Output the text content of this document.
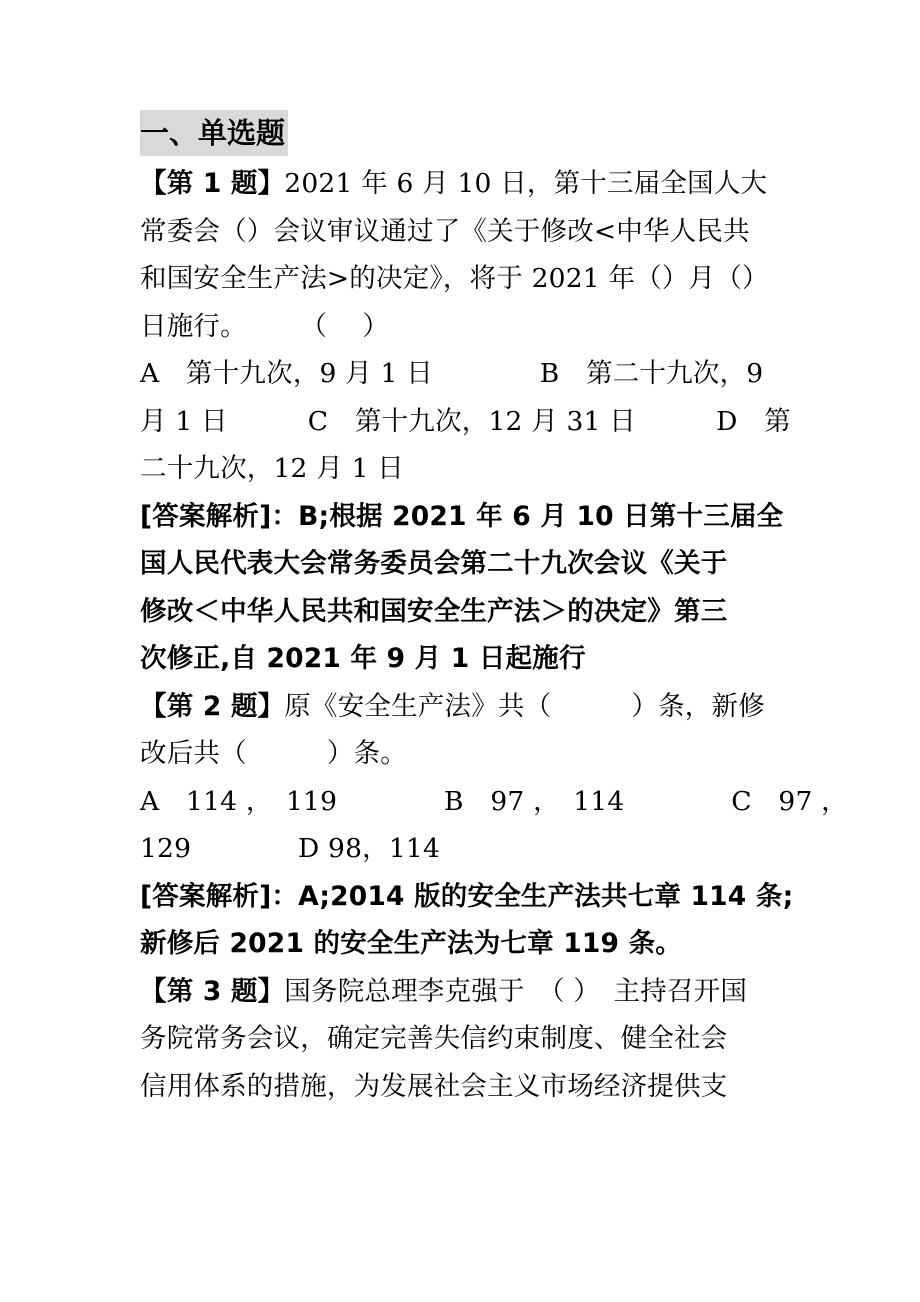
一、单选题
【第 1 题】2021 年 6 月 10 日，第十三届全国人大
常委会（）会议审议通过了《关于修改<中华人民共
和国安全生产法>的决定》，将于 2021 年（）月（）
日施行。　　　（　 ）
A　第十九次，9 月 1 日　　　　B　第二十九次，9
月 1 日　　　C　第十九次，12 月 31 日　　　D　第
二十九次，12 月 1 日
[答案解析]：B;根据 2021 年 6 月 10 日第十三届全
国人民代表大会常务委员会第二十九次会议《关于
修改＜中华人民共和国安全生产法＞的决定》第三
次修正,自 2021 年 9 月 1 日起施行
【第 2 题】原《安全生产法》共（　　　）条，新修
改后共（　　　）条。
A　114 ，　119　　　　B　97 ，　114　　　　C　97 ，
129　　　　D 98，114
[答案解析]：A;2014 版的安全生产法共七章 114 条;
新修后 2021 的安全生产法为七章 119 条。
【第 3 题】国务院总理李克强于　（ ）　主持召开国
务院常务会议，确定完善失信约束制度、健全社会
信用体系的措施，为发展社会主义市场经济提供支
